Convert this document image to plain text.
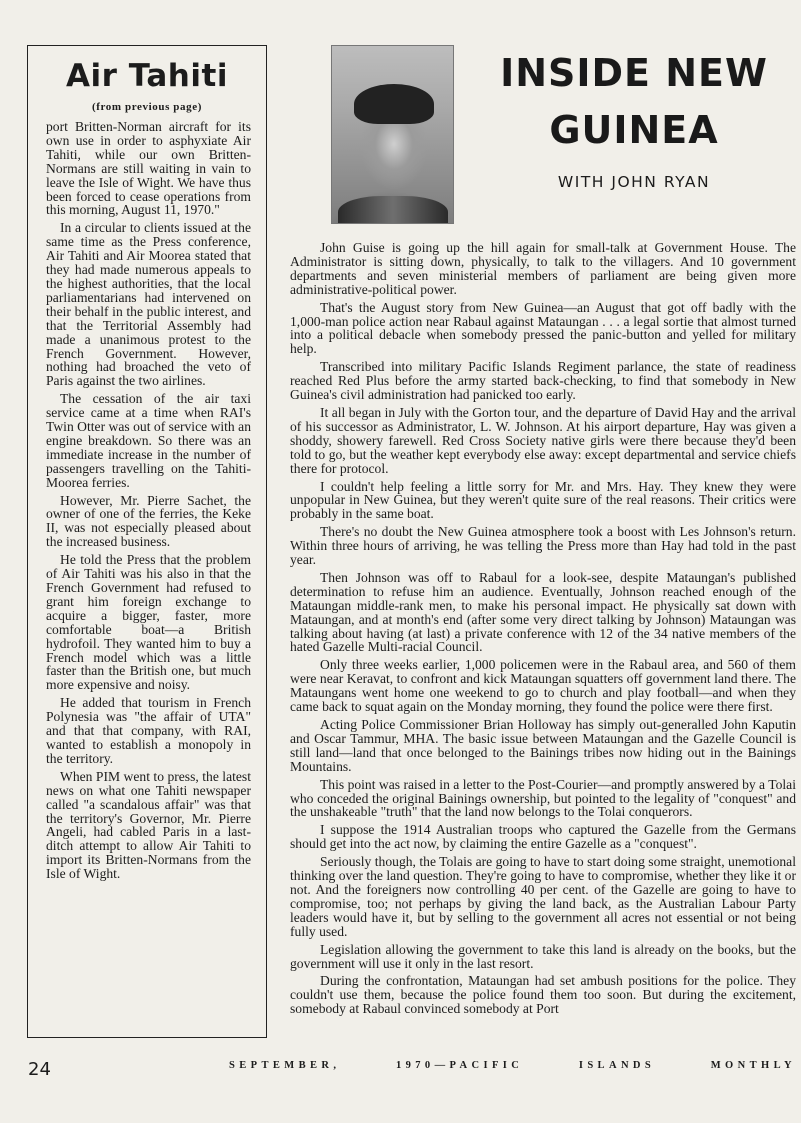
Air Tahiti
(from previous page)

port Britten-Norman aircraft for its own use in order to asphyxiate Air Tahiti, while our own Britten-Normans are still waiting in vain to leave the Isle of Wight. We have thus been forced to cease operations from this morning, August 11, 1970."

In a circular to clients issued at the same time as the Press conference, Air Tahiti and Air Moorea stated that they had made numerous appeals to the highest authorities, that the local parliamentarians had intervened on their behalf in the public interest, and that the Territorial Assembly had made a unanimous protest to the French Government. However, nothing had broached the veto of Paris against the two airlines.

The cessation of the air taxi service came at a time when RAI's Twin Otter was out of service with an engine breakdown. So there was an immediate increase in the number of passengers travelling on the Tahiti-Moorea ferries.

However, Mr. Pierre Sachet, the owner of one of the ferries, the Keke II, was not especially pleased about the increased business.

He told the Press that the problem of Air Tahiti was his also in that the French Government had refused to grant him foreign exchange to acquire a bigger, faster, more comfortable boat—a British hydrofoil. They wanted him to buy a French model which was a little faster than the British one, but much more expensive and noisy.

He added that tourism in French Polynesia was "the affair of UTA" and that that company, with RAI, wanted to establish a monopoly in the territory.

When PIM went to press, the latest news on what one Tahiti newspaper called "a scandalous affair" was that the territory's Governor, Mr. Pierre Angeli, had cabled Paris in a last-ditch attempt to allow Air Tahiti to import its Britten-Normans from the Isle of Wight.

INSIDE NEW
GUINEA
WITH JOHN RYAN

John Guise is going up the hill again for small-talk at Government House. The Administrator is sitting down, physically, to talk to the villagers. And 10 government departments and seven ministerial members of parliament are being given more administrative-political power.

That's the August story from New Guinea—an August that got off badly with the 1,000-man police action near Rabaul against Mataungan . . . a legal sortie that almost turned into a political debacle when somebody pressed the panic-button and yelled for military help.

Transcribed into military Pacific Islands Regiment parlance, the state of readiness reached Red Plus before the army started back-checking, to find that somebody in New Guinea's civil administration had panicked too early.

It all began in July with the Gorton tour, and the departure of David Hay and the arrival of his successor as Administrator, L. W. Johnson. At his airport departure, Hay was given a shoddy, showery farewell. Red Cross Society native girls were there because they'd been told to go, but the weather kept everybody else away: except departmental and service chiefs there for protocol.

I couldn't help feeling a little sorry for Mr. and Mrs. Hay. They knew they were unpopular in New Guinea, but they weren't quite sure of the real reasons. Their critics were probably in the same boat.

There's no doubt the New Guinea atmosphere took a boost with Les Johnson's return. Within three hours of arriving, he was telling the Press more than Hay had told in the past year.

Then Johnson was off to Rabaul for a look-see, despite Mataungan's published determination to refuse him an audience. Eventually, Johnson reached enough of the Mataungan middle-rank men, to make his personal impact. He physically sat down with Mataungan, and at month's end (after some very direct talking by Johnson) Mataungan was talking about having (at last) a private conference with 12 of the 34 native members of the hated Gazelle Multi-racial Council.

Only three weeks earlier, 1,000 policemen were in the Rabaul area, and 560 of them were near Keravat, to confront and kick Mataungan squatters off government land there. The Mataungans went home one weekend to go to church and play football—and when they came back to squat again on the Monday morning, they found the police were there first.

Acting Police Commissioner Brian Holloway has simply out-generalled John Kaputin and Oscar Tammur, MHA. The basic issue between Mataungan and the Gazelle Council is still land—land that once belonged to the Bainings tribes now hiding out in the Bainings Mountains.

This point was raised in a letter to the Post-Courier—and promptly answered by a Tolai who conceded the original Bainings ownership, but pointed to the legality of "conquest" and the unshakeable "truth" that the land now belongs to the Tolai conquerors.

I suppose the 1914 Australian troops who captured the Gazelle from the Germans should get into the act now, by claiming the entire Gazelle as a "conquest".

Seriously though, the Tolais are going to have to start doing some straight, unemotional thinking over the land question. They're going to have to compromise, whether they like it or not. And the foreigners now controlling 40 per cent. of the Gazelle are going to have to compromise, too; not perhaps by giving the land back, as the Australian Labour Party leaders would have it, but by selling to the government all acres not essential or not being fully used.

Legislation allowing the government to take this land is already on the books, but the government will use it only in the last resort.

During the confrontation, Mataungan had set ambush positions for the police. They couldn't use them, because the police found them too soon. But during the excitement, somebody at Rabaul convinced somebody at Port

24	SEPTEMBER,	1970—PACIFIC	ISLANDS	MONTHLY
